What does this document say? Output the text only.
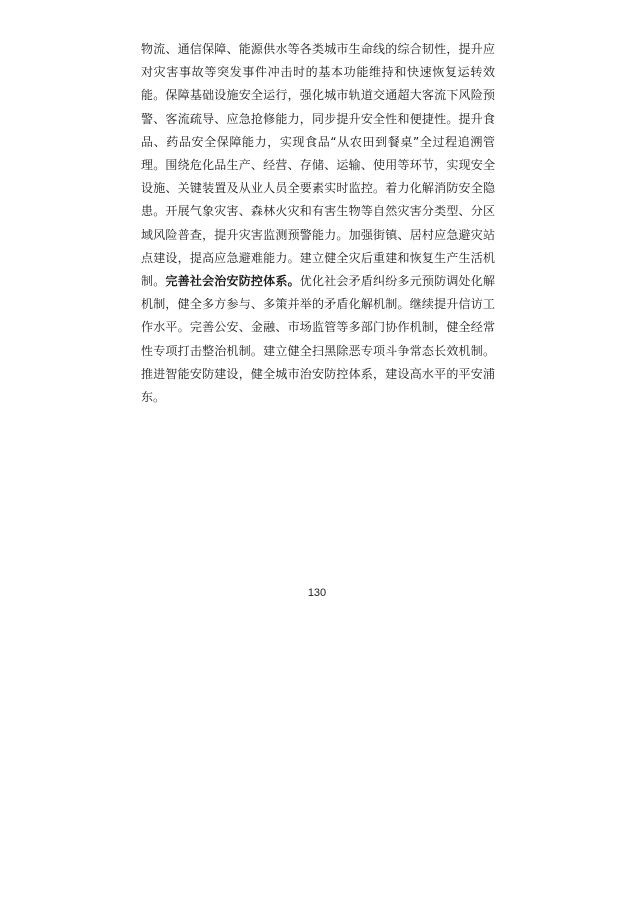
物流、通信保障、能源供水等各类城市生命线的综合韧性，提升应对灾害事故等突发事件冲击时的基本功能维持和快速恢复运转效能。保障基础设施安全运行，强化城市轨道交通超大客流下风险预警、客流疏导、应急抢修能力，同步提升安全性和便捷性。提升食品、药品安全保障能力，实现食品“从农田到餐桌”全过程追溯管理。围绕危化品生产、经营、存储、运输、使用等环节，实现安全设施、关键装置及从业人员全要素实时监控。着力化解消防安全隐患。开展气象灾害、森林火灾和有害生物等自然灾害分类型、分区域风险普查，提升灾害监测预警能力。加强街镇、居村应急避灾站点建设，提高应急避难能力。建立健全灾后重建和恢复生产生活机制。完善社会治安防控体系。优化社会矛盾纠纷多元预防调处化解机制，健全多方参与、多策并举的矛盾化解机制。继续提升信访工作水平。完善公安、金融、市场监管等多部门协作机制，健全经常性专项打击整治机制。建立健全扫黑除恶专项斗争常态长效机制。推进智能安防建设，健全城市治安防控体系，建设高水平的平安浦东。

130
